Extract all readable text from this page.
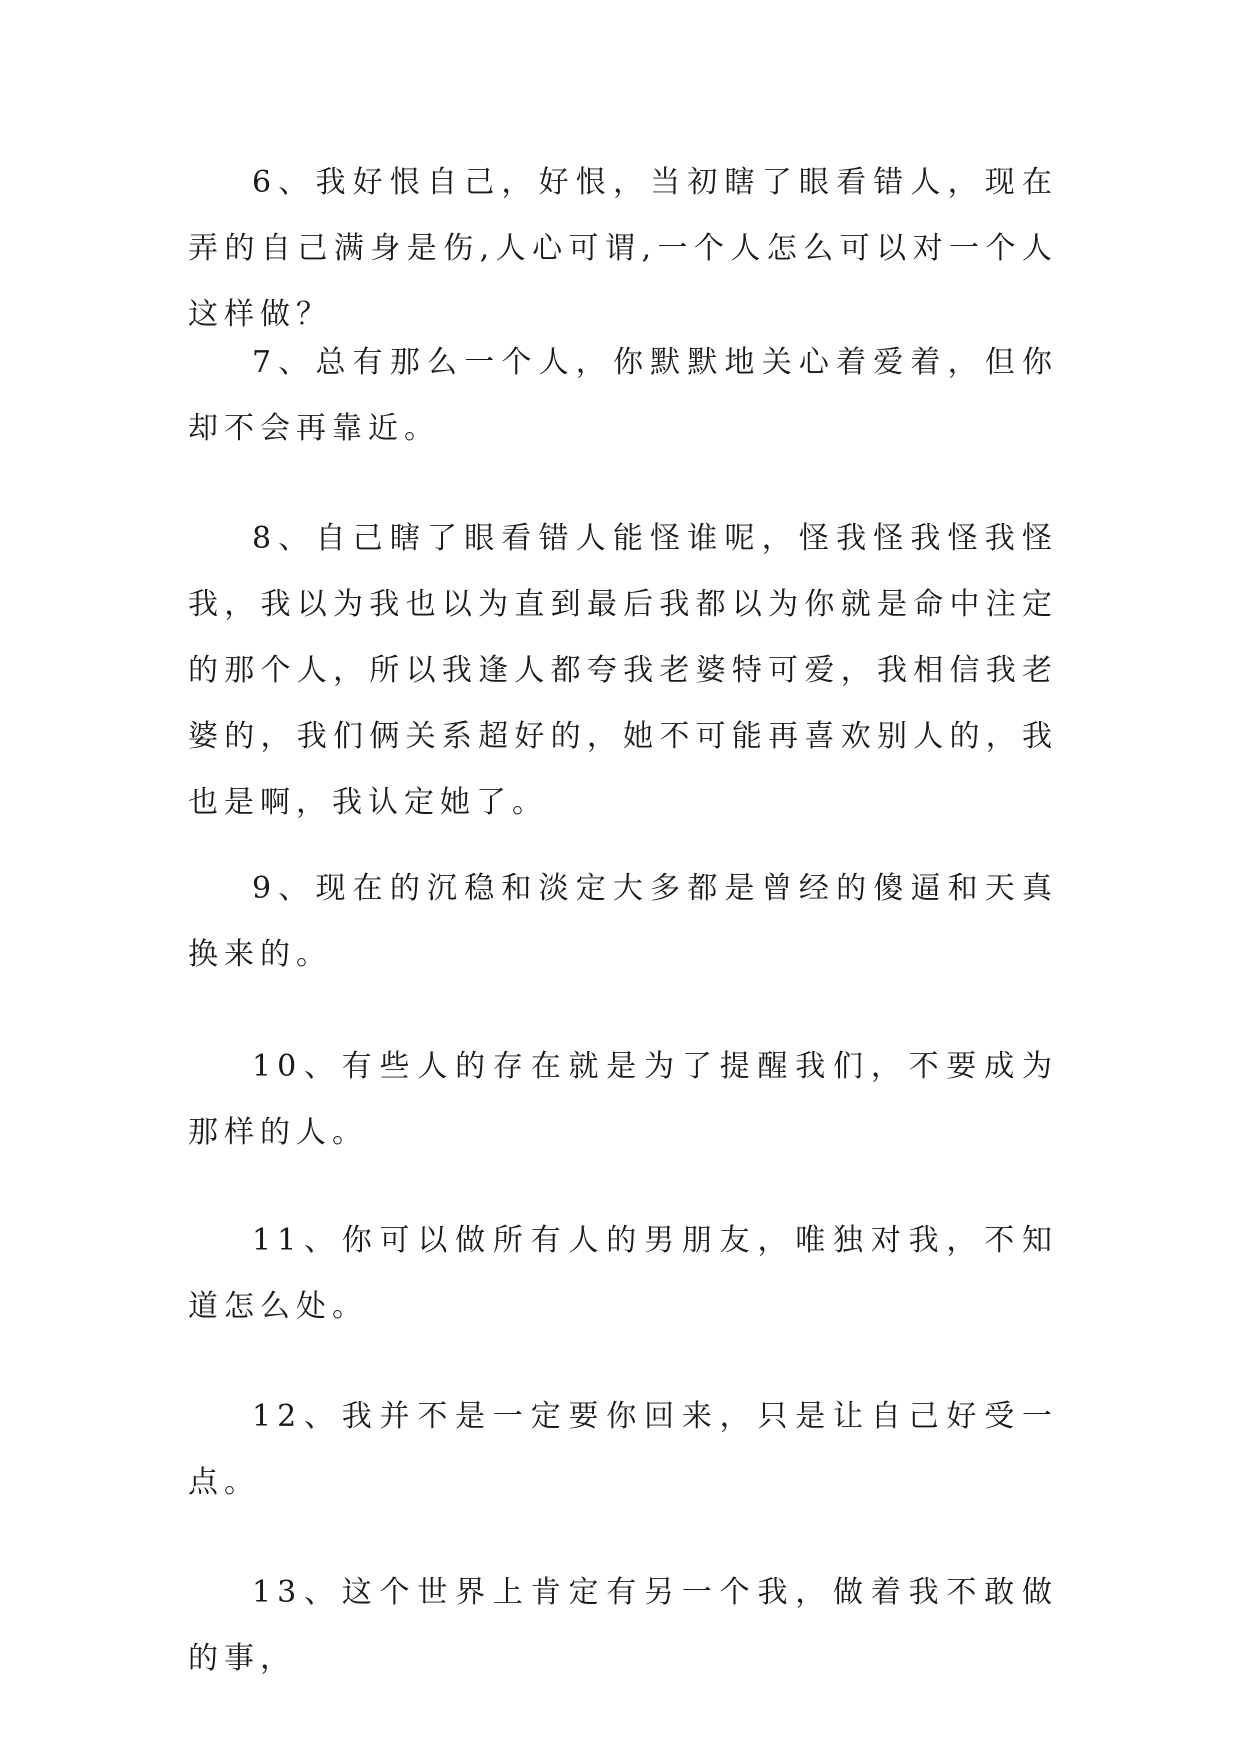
6、我好恨自己，好恨，当初瞎了眼看错人，现在弄的自己满身是伤,人心可谓,一个人怎么可以对一个人这样做？

7、总有那么一个人，你默默地关心着爱着，但你却不会再靠近。

8、自己瞎了眼看错人能怪谁呢，怪我怪我怪我怪我，我以为我也以为直到最后我都以为你就是命中注定的那个人，所以我逢人都夸我老婆特可爱，我相信我老婆的，我们俩关系超好的，她不可能再喜欢别人的，我也是啊，我认定她了。

9、现在的沉稳和淡定大多都是曾经的傻逼和天真换来的。

10、有些人的存在就是为了提醒我们，不要成为那样的人。

11、你可以做所有人的男朋友，唯独对我，不知道怎么处。

12、我并不是一定要你回来，只是让自己好受一点。

13、这个世界上肯定有另一个我，做着我不敢做的事，
